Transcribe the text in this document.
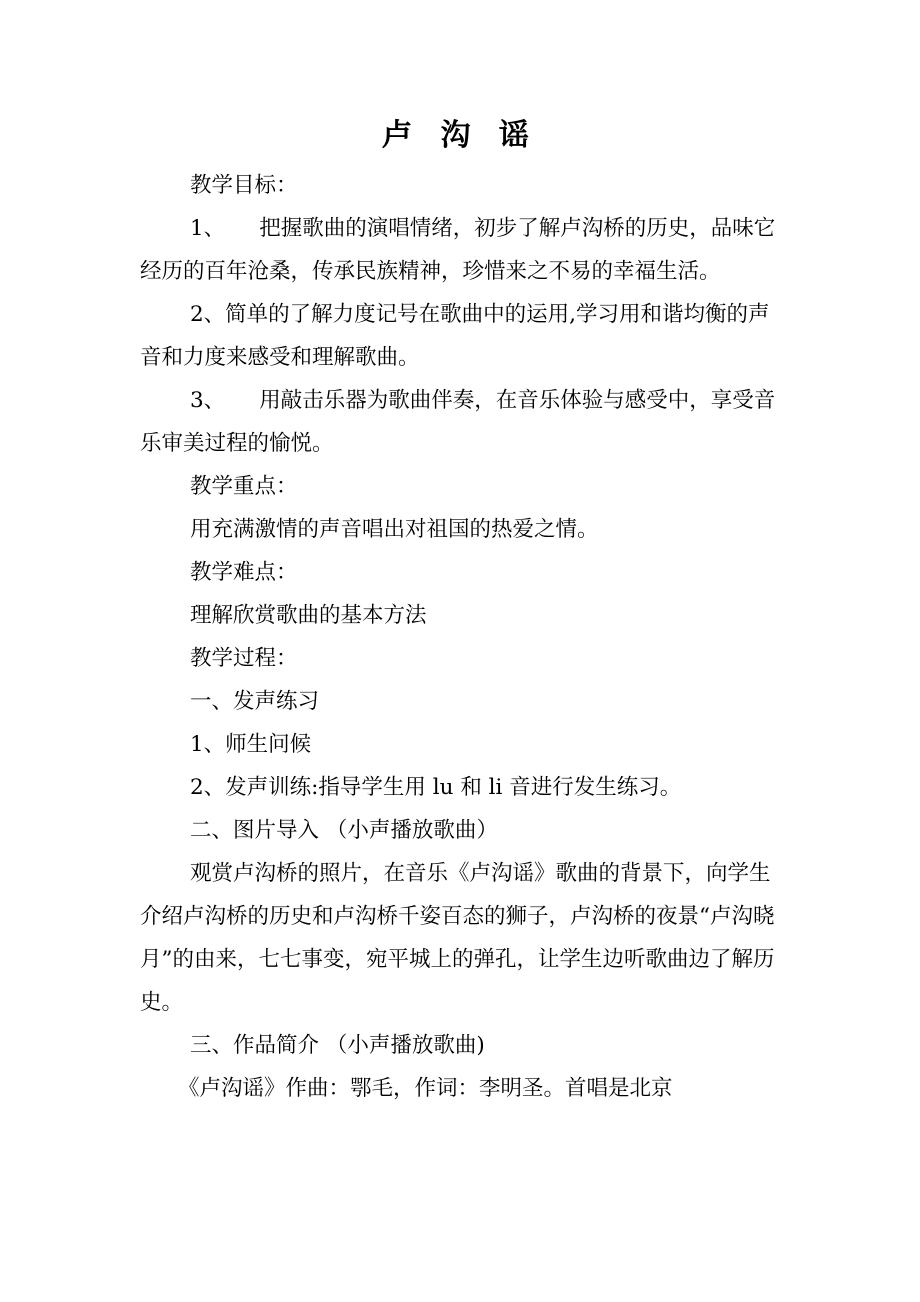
卢 沟 谣

教学目标：

1、 把握歌曲的演唱情绪，初步了解卢沟桥的历史，品味它经历的百年沧桑，传承民族精神，珍惜来之不易的幸福生活。

2、简单的了解力度记号在歌曲中的运用,学习用和谐均衡的声音和力度来感受和理解歌曲。

3、 用敲击乐器为歌曲伴奏，在音乐体验与感受中，享受音乐审美过程的愉悦。

教学重点：

用充满激情的声音唱出对祖国的热爱之情。

教学难点：

理解欣赏歌曲的基本方法

教学过程：

一、发声练习

1、师生问候

2、发声训练:指导学生用 lu 和 li 音进行发生练习。

二、图片导入 （小声播放歌曲）

观赏卢沟桥的照片，在音乐《卢沟谣》歌曲的背景下，向学生介绍卢沟桥的历史和卢沟桥千姿百态的狮子，卢沟桥的夜景“卢沟晓月”的由来，七七事变，宛平城上的弹孔，让学生边听歌曲边了解历史。

三、作品简介 （小声播放歌曲)

《卢沟谣》作曲：鄂毛，作词：李明圣。首唱是北京
